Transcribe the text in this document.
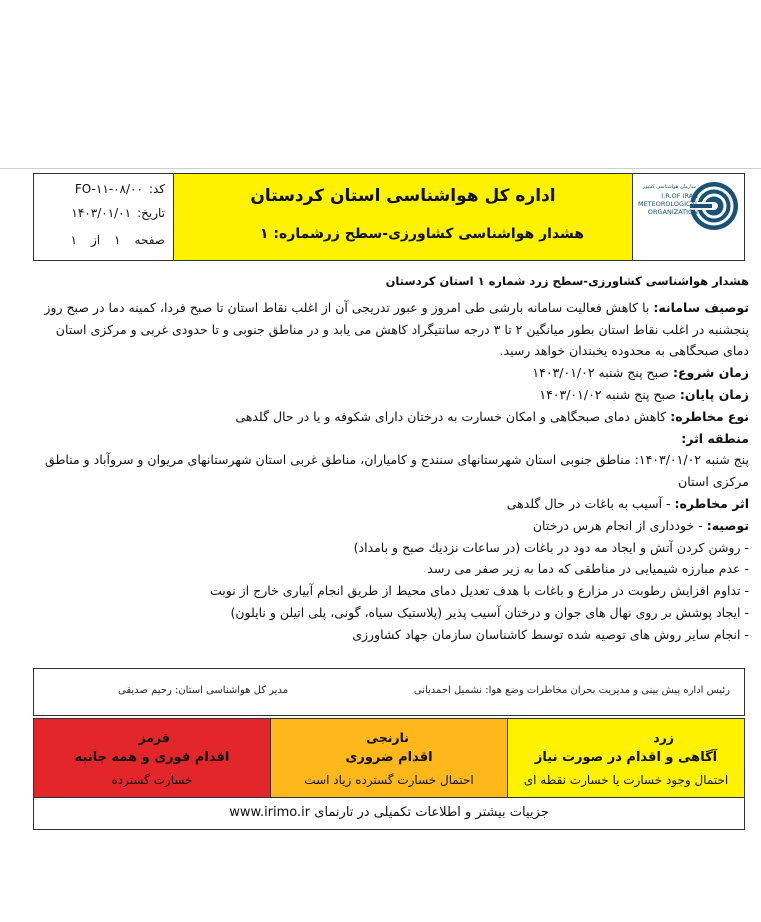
سازمان هواشناسی کشور
I.R.OF IRAN
METEOROLOGICAL
ORGANIZATION
اداره کل هواشناسی استان کردستان
هشدار هواشناسی کشاورزی-سطح زرد
شماره: ۱
کد:
FO-۱۱-۰۸/۰۰
تاریخ:
۱۴۰۳/۰۱/۰۱
صفحه
۱
از
۱

هشدار هواشناسی کشاورزی-سطح زرد شماره ۱ استان کردستان

توصیف سامانه: با کاهش فعالیت سامانه بارشی طی امروز و عبور تدریجی آن از اغلب نقاط استان تا صبح فردا، کمینه دما در صبح روز پنجشنبه در اغلب نقاط استان بطور میانگین ۲ تا ۳ درجه سانتیگراد کاهش می یابد و در مناطق جنوبی و تا حدودی غربی و مرکزی استان دمای صبحگاهی به محدوده یخبندان خواهد رسید.

زمان شروع: صبح پنج شنبه ۱۴۰۳/۰۱/۰۲

زمان پایان: صبح پنج شنبه ۱۴۰۳/۰۱/۰۲

نوع مخاطره: کاهش دمای صبحگاهی و امکان خسارت به درختان دارای شکوفه و یا در حال گلدهی

منطقه اثر:

پنج شنبه ۱۴۰۳/۰۱/۰۲: مناطق جنوبی استان شهرستانهای سنندج و کامیاران، مناطق غربی استان شهرستانهای مریوان و سروآباد و مناطق مرکزی استان

اثر مخاطره: - آسیب به باغات در حال گلدهی

توصیه: - خودداری از انجام هرس درختان

- روشن کردن آتش و ایجاد مه دود در باغات (در ساعات نزدیك صبح و بامداد)

- عدم مبارزه شیمیایی در مناطقی که دما به زیر صفر می رسد

- تداوم افزایش رطوبت در مزارع و باغات با هدف تعدیل دمای محیط از طریق انجام آبیاری خارج از نوبت

- ایجاد پوشش بر روی نهال های جوان و درختان آسیب پذیر (پلاستیک سیاه، گونی، پلی اتیلن و نایلون)

- انجام سایر روش های توصیه شده توسط کاشناسان سازمان جهاد کشاورزی

رئیس اداره پیش بینی و مدیریت بحران مخاطرات وضع هوا: نشمیل احمدیانی
مدیر کل هواشناسی استان: رحیم صدیقی
زرد
آگاهی و اقدام در صورت نیاز
احتمال وجود خسارت یا خسارت نقطه ای
نارنجی
اقدام ضروری
احتمال خسارت گسترده زیاد است
قرمز
اقدام فوری و همه جانبه
خسارت گسترده
جزییات بیشتر و اطلاعات تکمیلی در تارنمای www.irimo.ir
